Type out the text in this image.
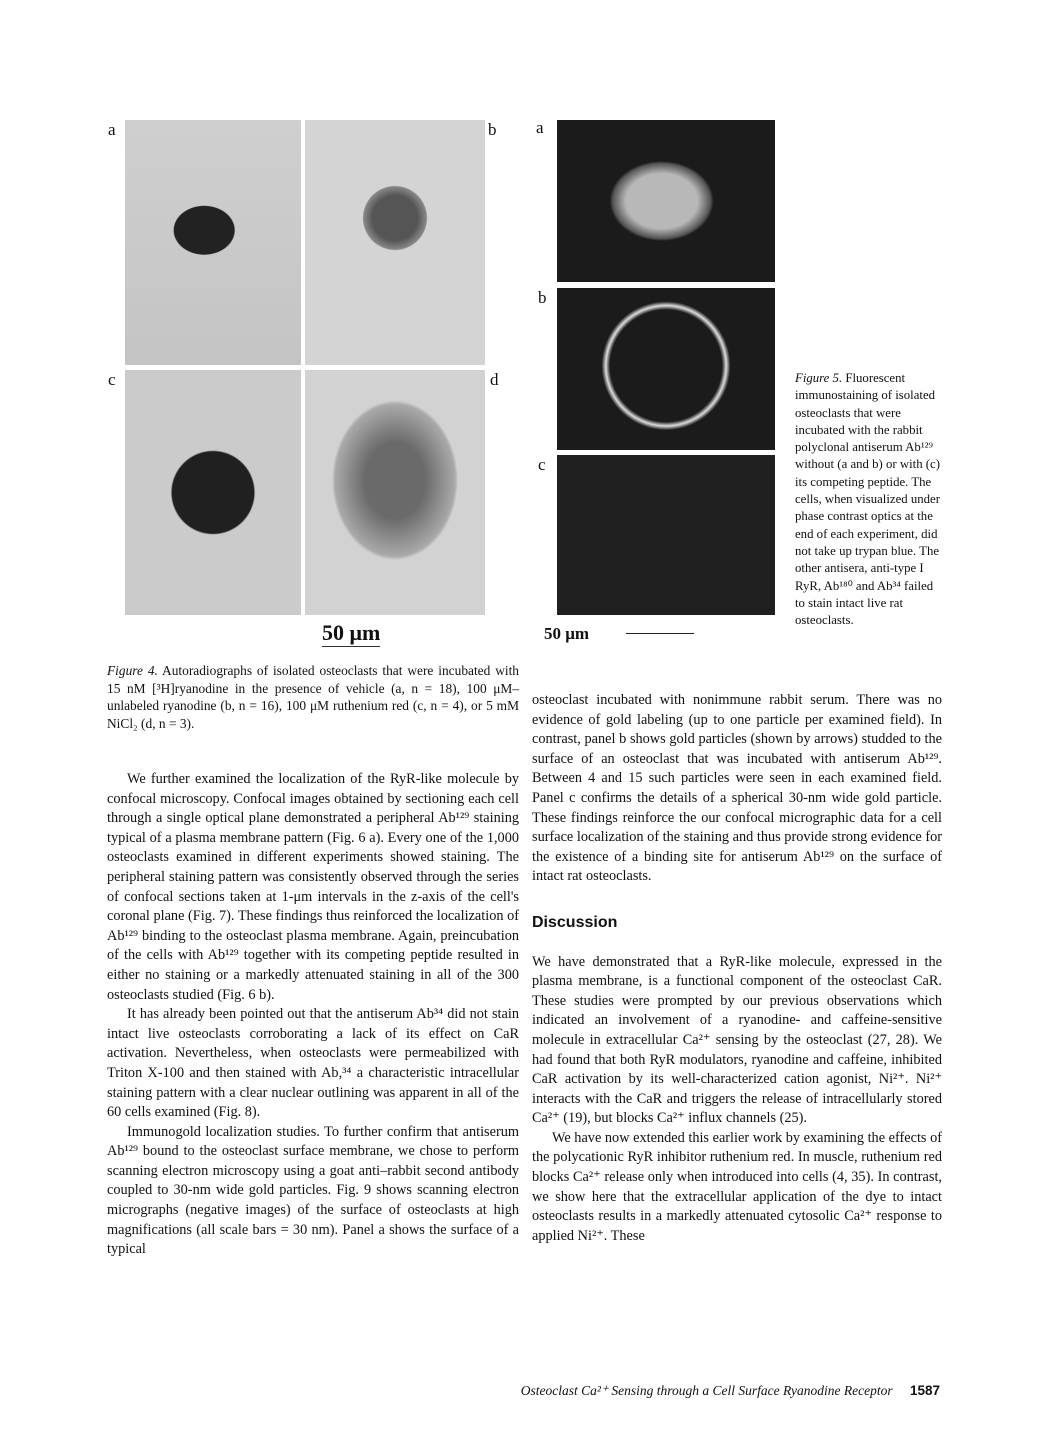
a	b
c	d
50 μm
a
b
c
50 μm
Figure 5. Fluorescent immunostaining of isolated osteoclasts that were incubated with the rabbit polyclonal antiserum Ab¹²⁹ without (a and b) or with (c) its competing peptide. The cells, when visualized under phase contrast optics at the end of each experiment, did not take up trypan blue. The other antisera, anti-type I RyR, Ab¹⁸⁰ and Ab³⁴ failed to stain intact live rat osteoclasts.
Figure 4. Autoradiographs of isolated osteoclasts that were incubated with 15 nM [³H]ryanodine in the presence of vehicle (a, n = 18), 100 μM–unlabeled ryanodine (b, n = 16), 100 μM ruthenium red (c, n = 4), or 5 mM NiCl₂ (d, n = 3).

We further examined the localization of the RyR-like molecule by confocal microscopy. Confocal images obtained by sectioning each cell through a single optical plane demonstrated a peripheral Ab¹²⁹ staining typical of a plasma membrane pattern (Fig. 6 a). Every one of the 1,000 osteoclasts examined in different experiments showed staining. The peripheral staining pattern was consistently observed through the series of confocal sections taken at 1-μm intervals in the z-axis of the cell's coronal plane (Fig. 7). These findings thus reinforced the localization of Ab¹²⁹ binding to the osteoclast plasma membrane. Again, preincubation of the cells with Ab¹²⁹ together with its competing peptide resulted in either no staining or a markedly attenuated staining in all of the 300 osteoclasts studied (Fig. 6 b).

It has already been pointed out that the antiserum Ab³⁴ did not stain intact live osteoclasts corroborating a lack of its effect on CaR activation. Nevertheless, when osteoclasts were permeabilized with Triton X-100 and then stained with Ab,³⁴ a characteristic intracellular staining pattern with a clear nuclear outlining was apparent in all of the 60 cells examined (Fig. 8).

Immunogold localization studies. To further confirm that antiserum Ab¹²⁹ bound to the osteoclast surface membrane, we chose to perform scanning electron microscopy using a goat anti–rabbit second antibody coupled to 30-nm wide gold particles. Fig. 9 shows scanning electron micrographs (negative images) of the surface of osteoclasts at high magnifications (all scale bars = 30 nm). Panel a shows the surface of a typical

osteoclast incubated with nonimmune rabbit serum. There was no evidence of gold labeling (up to one particle per examined field). In contrast, panel b shows gold particles (shown by arrows) studded to the surface of an osteoclast that was incubated with antiserum Ab¹²⁹. Between 4 and 15 such particles were seen in each examined field. Panel c confirms the details of a spherical 30-nm wide gold particle. These findings reinforce the our confocal micrographic data for a cell surface localization of the staining and thus provide strong evidence for the existence of a binding site for antiserum Ab¹²⁹ on the surface of intact rat osteoclasts.

Discussion

We have demonstrated that a RyR-like molecule, expressed in the plasma membrane, is a functional component of the osteoclast CaR. These studies were prompted by our previous observations which indicated an involvement of a ryanodine- and caffeine-sensitive molecule in extracellular Ca²⁺ sensing by the osteoclast (27, 28). We had found that both RyR modulators, ryanodine and caffeine, inhibited CaR activation by its well-characterized cation agonist, Ni²⁺. Ni²⁺ interacts with the CaR and triggers the release of intracellularly stored Ca²⁺ (19), but blocks Ca²⁺ influx channels (25).

We have now extended this earlier work by examining the effects of the polycationic RyR inhibitor ruthenium red. In muscle, ruthenium red blocks Ca²⁺ release only when introduced into cells (4, 35). In contrast, we show here that the extracellular application of the dye to intact osteoclasts results in a markedly attenuated cytosolic Ca²⁺ response to applied Ni²⁺. These

Osteoclast Ca²⁺ Sensing through a Cell Surface Ryanodine Receptor 1587
